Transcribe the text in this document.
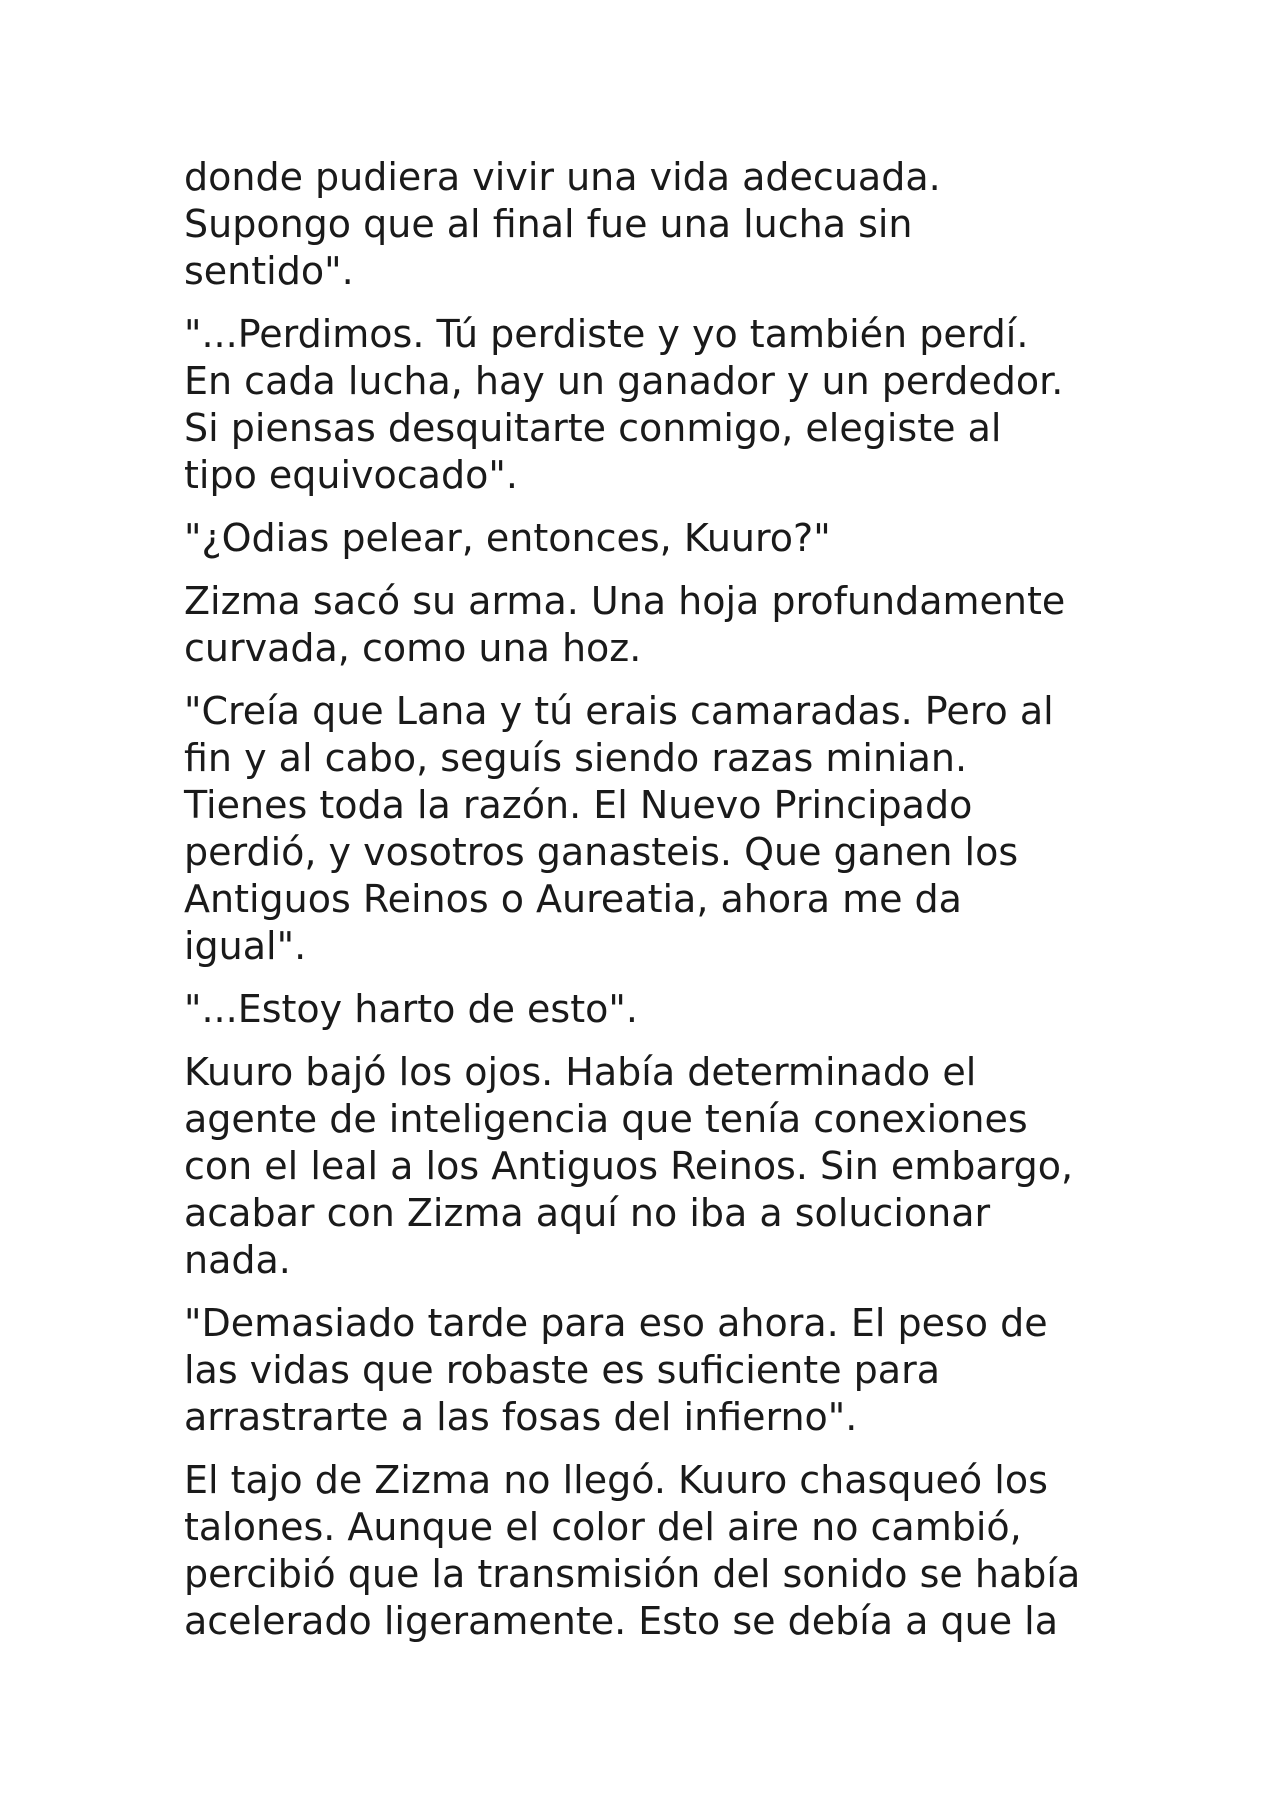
donde pudiera vivir una vida adecuada.
Supongo que al final fue una lucha sin
sentido".

"...Perdimos. Tú perdiste y yo también perdí.
En cada lucha, hay un ganador y un perdedor.
Si piensas desquitarte conmigo, elegiste al
tipo equivocado".

"¿Odias pelear, entonces, Kuuro?"

Zizma sacó su arma. Una hoja profundamente
curvada, como una hoz.

"Creía que Lana y tú erais camaradas. Pero al
fin y al cabo, seguís siendo razas minian.
Tienes toda la razón. El Nuevo Principado
perdió, y vosotros ganasteis. Que ganen los
Antiguos Reinos o Aureatia, ahora me da
igual".

"...Estoy harto de esto".

Kuuro bajó los ojos. Había determinado el
agente de inteligencia que tenía conexiones
con el leal a los Antiguos Reinos. Sin embargo,
acabar con Zizma aquí no iba a solucionar
nada.

"Demasiado tarde para eso ahora. El peso de
las vidas que robaste es suficiente para
arrastrarte a las fosas del infierno".

El tajo de Zizma no llegó. Kuuro chasqueó los
talones. Aunque el color del aire no cambió,
percibió que la transmisión del sonido se había
acelerado ligeramente. Esto se debía a que la
